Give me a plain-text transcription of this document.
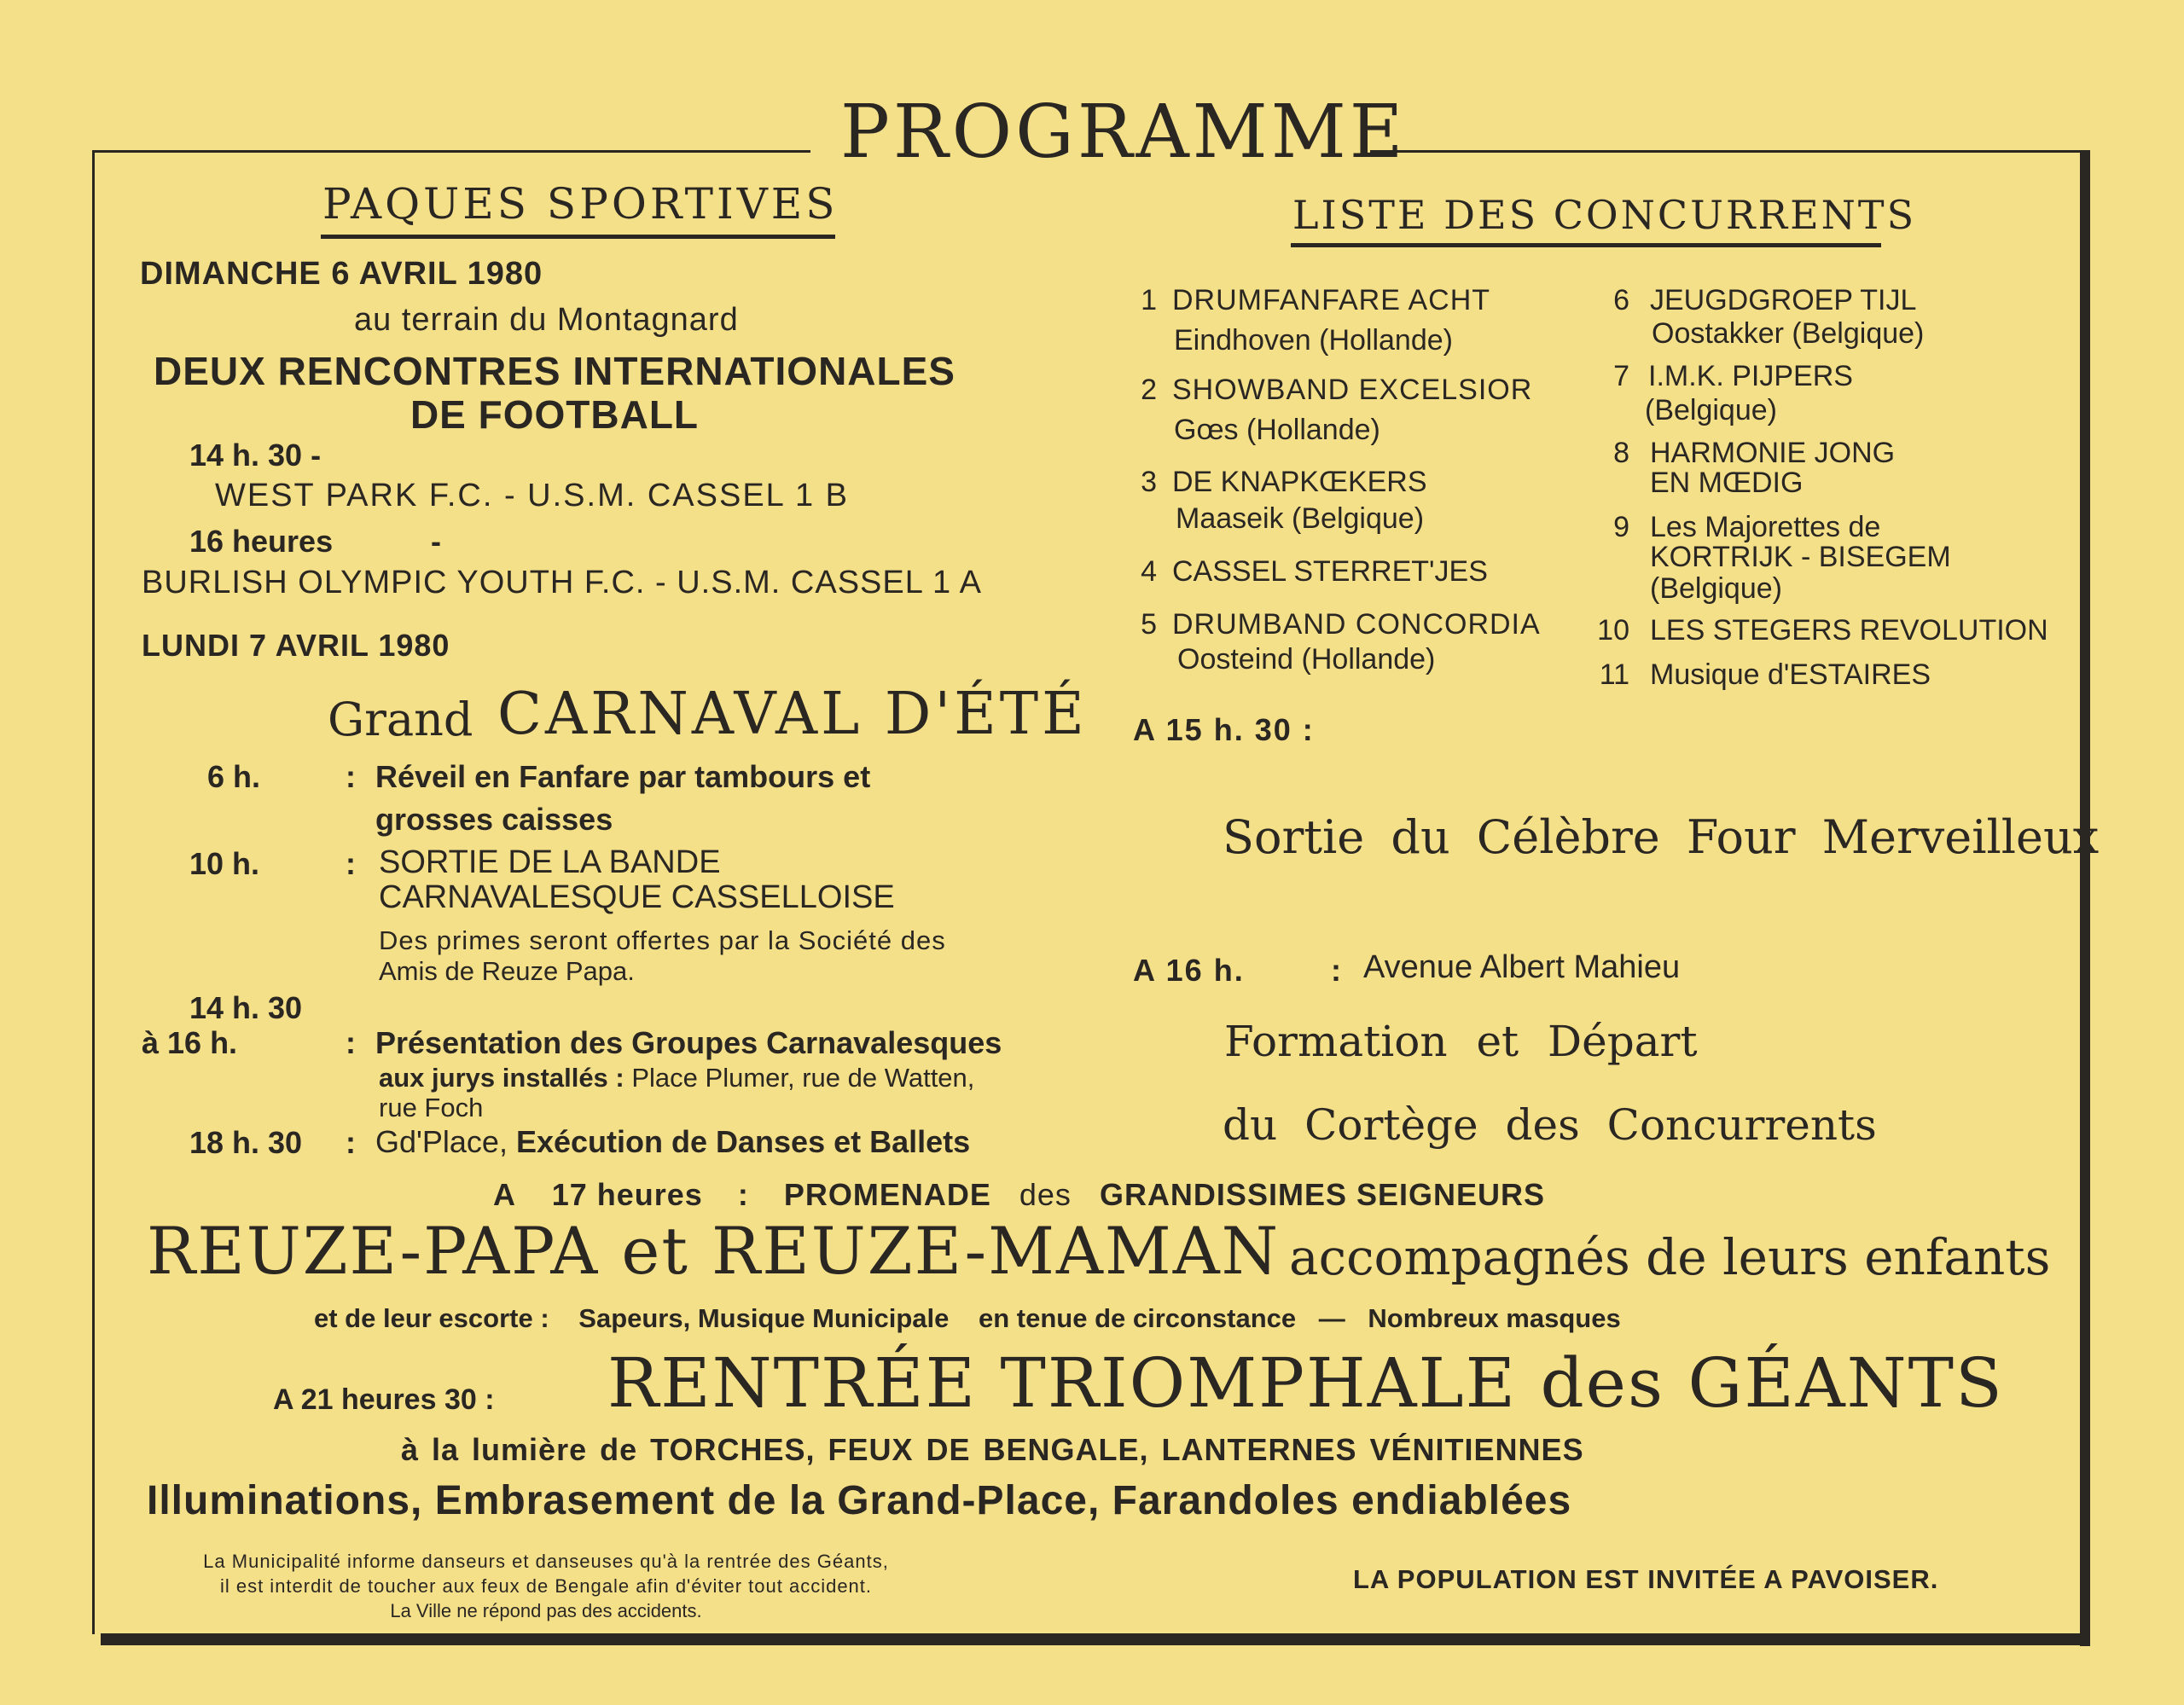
PROGRAMME
PAQUES SPORTIVES
DIMANCHE 6 AVRIL 1980
au terrain du Montagnard
DEUX RENCONTRES INTERNATIONALES
DE FOOTBALL
14 h. 30 -
WEST PARK F.C. - U.S.M. CASSEL 1 B
16 heures	-
BURLISH OLYMPIC YOUTH F.C. - U.S.M. CASSEL 1 A
LUNDI 7 AVRIL 1980
Grand CARNAVAL D'ÉTÉ
6 h.	: Réveil en Fanfare par tambours et
grosses caisses
10 h.	: SORTIE DE LA BANDE
CARNAVALESQUE CASSELLOISE
Des primes seront offertes par la Société des
Amis de Reuze Papa.
14 h. 30
à 16 h.	: Présentation des Groupes Carnavalesques
aux jurys installés : Place Plumer, rue de Watten,
rue Foch
18 h. 30 : Gd'Place, Exécution de Danses et Ballets
LISTE DES CONCURRENTS
1 DRUMFANFARE ACHT
Eindhoven (Hollande)
2 SHOWBAND EXCELSIOR
Gœs (Hollande)
3 DE KNAPKŒKERS
Maaseik (Belgique)
4 CASSEL STERRET'JES
5 DRUMBAND CONCORDIA
Oosteind (Hollande)
6 JEUGDGROEP TIJL
Oostakker (Belgique)
7 I.M.K. PIJPERS
(Belgique)
8 HARMONIE JONG
EN MŒDIG
9 Les Majorettes de
KORTRIJK - BISEGEM
(Belgique)
10 LES STEGERS REVOLUTION
11 Musique d'ESTAIRES
A 15 h. 30 :
Sortie du Célèbre Four Merveilleux
A 16 h.	: Avenue Albert Mahieu
Formation et Départ
du Cortège des Concurrents
A 17 heures : PROMENADE des GRANDISSIMES SEIGNEURS
REUZE-PAPA et REUZE-MAMAN accompagnés de leurs enfants
et de leur escorte : Sapeurs, Musique Municipale en tenue de circonstance — Nombreux masques
A 21 heures 30 : RENTRÉE TRIOMPHALE des GÉANTS
à la lumière de TORCHES, FEUX DE BENGALE, LANTERNES VÉNITIENNES
Illuminations, Embrasement de la Grand-Place, Farandoles endiablées
La Municipalité informe danseurs et danseuses qu'à la rentrée des Géants,
il est interdit de toucher aux feux de Bengale afin d'éviter tout accident.
La Ville ne répond pas des accidents.
LA POPULATION EST INVITÉE A PAVOISER.
